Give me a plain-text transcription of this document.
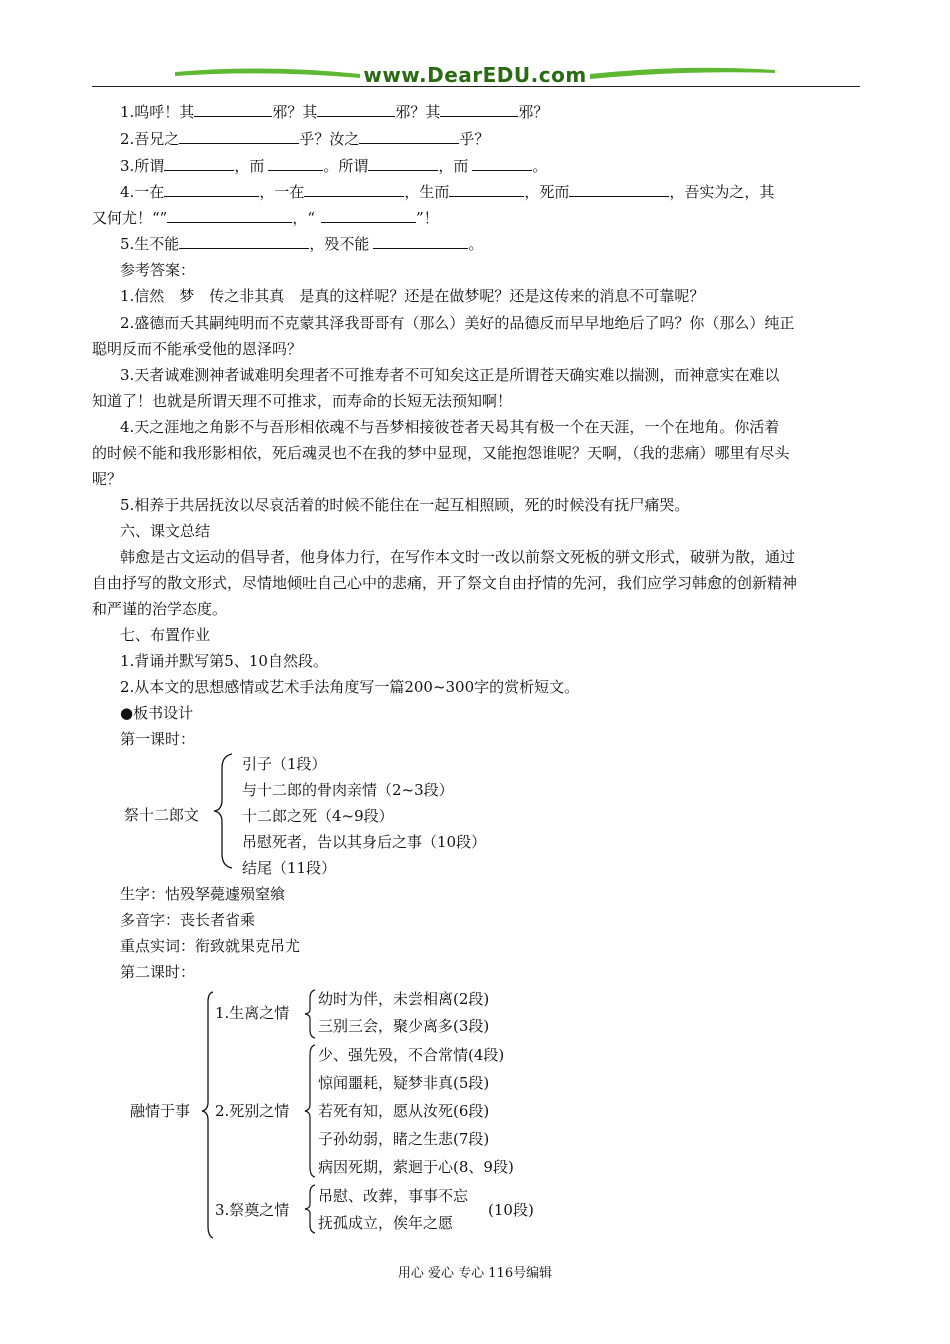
www.DearEDU.com
1.呜呼！其	邪？其	邪？其	邪？
2.吾兄之	乎？汝之	乎？
3.所谓	，而	。所谓	，而	。
4.一在	，一在	，生而	，死而	，吾实为之，其
又何尤！“”	，“	”！
5.生不能	，殁不能	。
参考答案：
1.信然　梦　传之非其真　是真的这样呢？还是在做梦呢？还是这传来的消息不可靠呢？
2.盛德而夭其嗣纯明而不克蒙其泽我哥哥有（那么）美好的品德反而早早地绝后了吗？你（那么）纯正
聪明反而不能承受他的恩泽吗？
3.天者诚难测神者诚难明矣理者不可推寿者不可知矣这正是所谓苍天确实难以揣测，而神意实在难以
知道了！也就是所谓天理不可推求，而寿命的长短无法预知啊！
4.天之涯地之角影不与吾形相依魂不与吾梦相接彼苍者天曷其有极一个在天涯，一个在地角。你活着
的时候不能和我形影相依，死后魂灵也不在我的梦中显现，又能抱怨谁呢？天啊，（我的悲痛）哪里有尽头
呢？
5.相养于共居抚汝以尽哀活着的时候不能住在一起互相照顾，死的时候没有抚尸痛哭。
六、课文总结
韩愈是古文运动的倡导者，他身体力行，在写作本文时一改以前祭文死板的骈文形式，破骈为散，通过
自由抒写的散文形式，尽情地倾吐自己心中的悲痛，开了祭文自由抒情的先河，我们应学习韩愈的创新精神
和严谨的治学态度。
七、布置作业
1.背诵并默写第5、10自然段。
2.从本文的思想感情或艺术手法角度写一篇200~300字的赏析短文。
●板书设计
第一课时：
祭十二郎文
引子（1段）
与十二郎的骨肉亲情（2~3段）
十二郎之死（4~9段）
吊慰死者，告以其身后之事（10段）
结尾（11段）
生字：怙殁孥薨遽殒窒飨
多音字：丧长者省乘
重点实词：衔致就果克吊尤
第二课时：
融情于事
1.生离之情
幼时为伴，未尝相离(2段)
三别三会，聚少离多(3段)
2.死别之情
少、强先殁，不合常情(4段)
惊闻噩耗，疑梦非真(5段)
若死有知，愿从汝死(6段)
子孙幼弱，睹之生悲(7段)
病因死期，萦迴于心(8、9段)
3.祭奠之情
吊慰、改葬，事事不忘
抚孤成立，俟年之愿
(10段)
用心 爱心 专心 116号编辑
